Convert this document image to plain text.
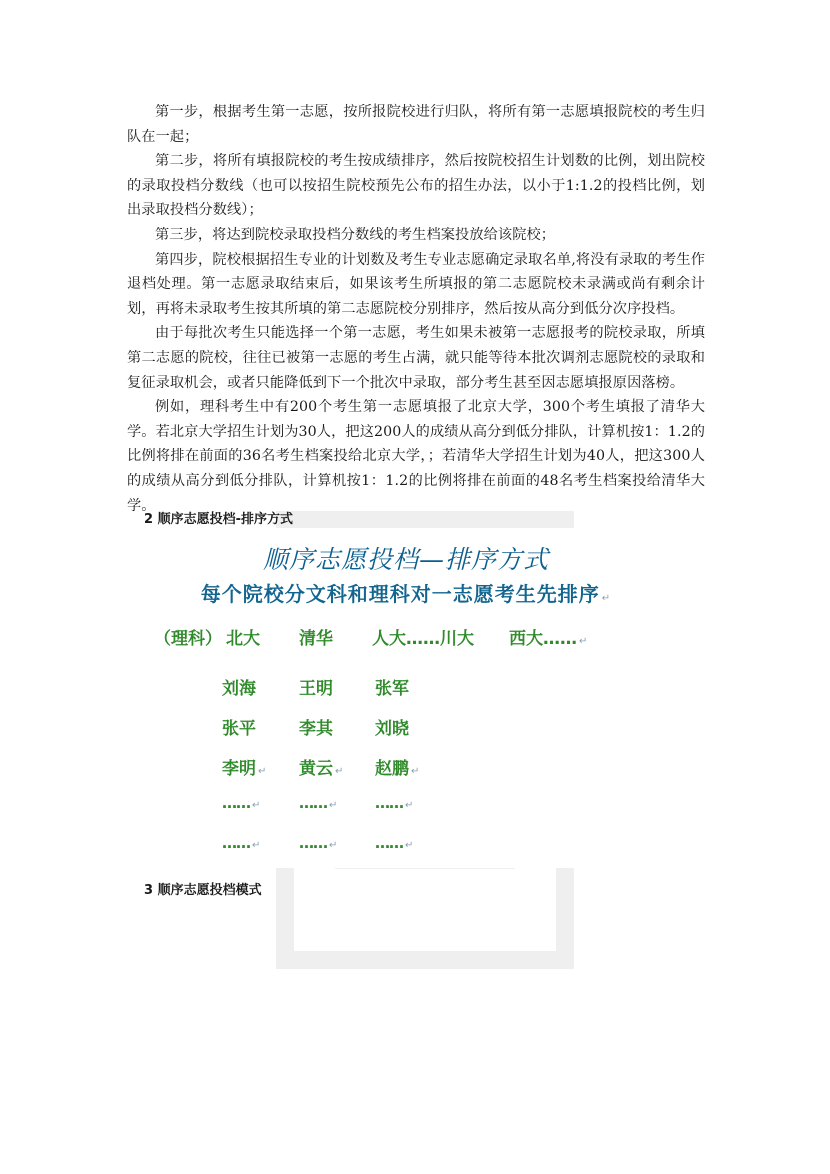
第一步，根据考生第一志愿，按所报院校进行归队，将所有第一志愿填报院校的考生归队在一起；

第二步，将所有填报院校的考生按成绩排序，然后按院校招生计划数的比例，划出院校的录取投档分数线（也可以按招生院校预先公布的招生办法，以小于1:1.2的投档比例，划出录取投档分数线）；

第三步，将达到院校录取投档分数线的考生档案投放给该院校；

第四步，院校根据招生专业的计划数及考生专业志愿确定录取名单,将没有录取的考生作退档处理。第一志愿录取结束后，如果该考生所填报的第二志愿院校未录满或尚有剩余计划，再将未录取考生按其所填的第二志愿院校分别排序，然后按从高分到低分次序投档。

由于每批次考生只能选择一个第一志愿，考生如果未被第一志愿报考的院校录取，所填第二志愿的院校，往往已被第一志愿的考生占满，就只能等待本批次调剂志愿院校的录取和复征录取机会，或者只能降低到下一个批次中录取，部分考生甚至因志愿填报原因落榜。

例如，理科考生中有200个考生第一志愿填报了北京大学，300个考生填报了清华大学。若北京大学招生计划为30人，把这200人的成绩从高分到低分排队，计算机按1：1.2的比例将排在前面的36名考生档案投给北京大学，；若清华大学招生计划为40人，把这300人的成绩从高分到低分排队，计算机按1：1.2的比例将排在前面的48名考生档案投给清华大学。

2 顺序志愿投档-排序方式

顺序志愿投档—排序方式
每个院校分文科和理科对一志愿考生先排序 ↵
（理科） 北大 清华 人大……川大 西大…… ↵
刘海
张平
李明 ↵
…… ↵
…… ↵
王明
李其
黄云 ↵
…… ↵
…… ↵
张军
刘晓
赵鹏 ↵
…… ↵
…… ↵

3 顺序志愿投档模式
